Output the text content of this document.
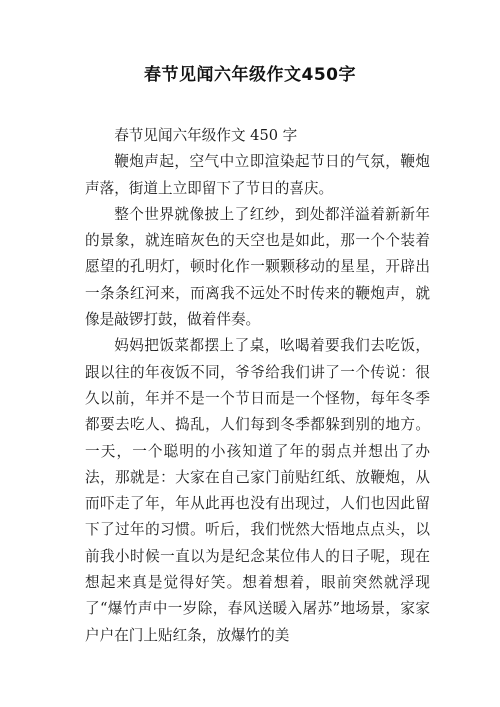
春节见闻六年级作文450字

春节见闻六年级作文 450 字

鞭炮声起，空气中立即渲染起节日的气氛，鞭炮声落，街道上立即留下了节日的喜庆。

整个世界就像披上了红纱，到处都洋溢着新新年的景象，就连暗灰色的天空也是如此，那一个个装着愿望的孔明灯，顿时化作一颗颗移动的星星，开辟出一条条红河来，而离我不远处不时传来的鞭炮声，就像是敲锣打鼓，做着伴奏。

妈妈把饭菜都摆上了桌，吆喝着要我们去吃饭，跟以往的年夜饭不同，爷爷给我们讲了一个传说：很久以前，年并不是一个节日而是一个怪物，每年冬季都要去吃人、捣乱，人们每到冬季都躲到别的地方。一天，一个聪明的小孩知道了年的弱点并想出了办法，那就是：大家在自己家门前贴红纸、放鞭炮，从而吓走了年，年从此再也没有出现过，人们也因此留下了过年的习惯。听后，我们恍然大悟地点点头，以前我小时候一直以为是纪念某位伟人的日子呢，现在想起来真是觉得好笑。想着想着，眼前突然就浮现了“爆竹声中一岁除，春风送暖入屠苏”地场景，家家户户在门上贴红条，放爆竹的美
